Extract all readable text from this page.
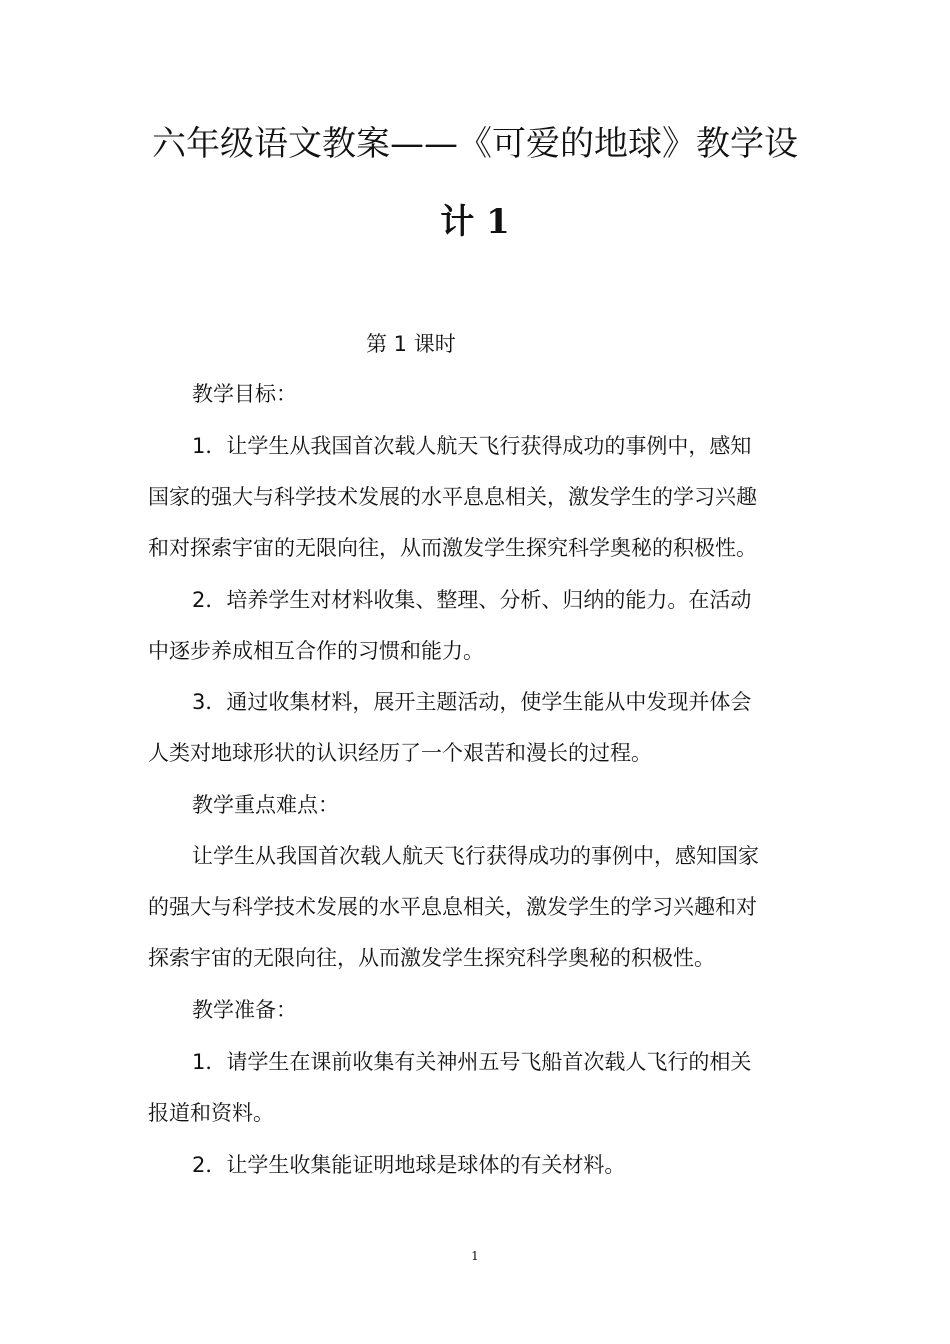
六年级语文教案——《可爱的地球》教学设
计 1
第 1 课时
教学目标：
1．让学生从我国首次载人航天飞行获得成功的事例中，感知
国家的强大与科学技术发展的水平息息相关，激发学生的学习兴趣
和对探索宇宙的无限向往，从而激发学生探究科学奥秘的积极性。
2．培养学生对材料收集、整理、分析、归纳的能力。在活动
中逐步养成相互合作的习惯和能力。
3．通过收集材料，展开主题活动，使学生能从中发现并体会
人类对地球形状的认识经历了一个艰苦和漫长的过程。
教学重点难点：
让学生从我国首次载人航天飞行获得成功的事例中，感知国家
的强大与科学技术发展的水平息息相关，激发学生的学习兴趣和对
探索宇宙的无限向往，从而激发学生探究科学奥秘的积极性。
教学准备：
1．请学生在课前收集有关神州五号飞船首次载人飞行的相关
报道和资料。
2．让学生收集能证明地球是球体的有关材料。
1
